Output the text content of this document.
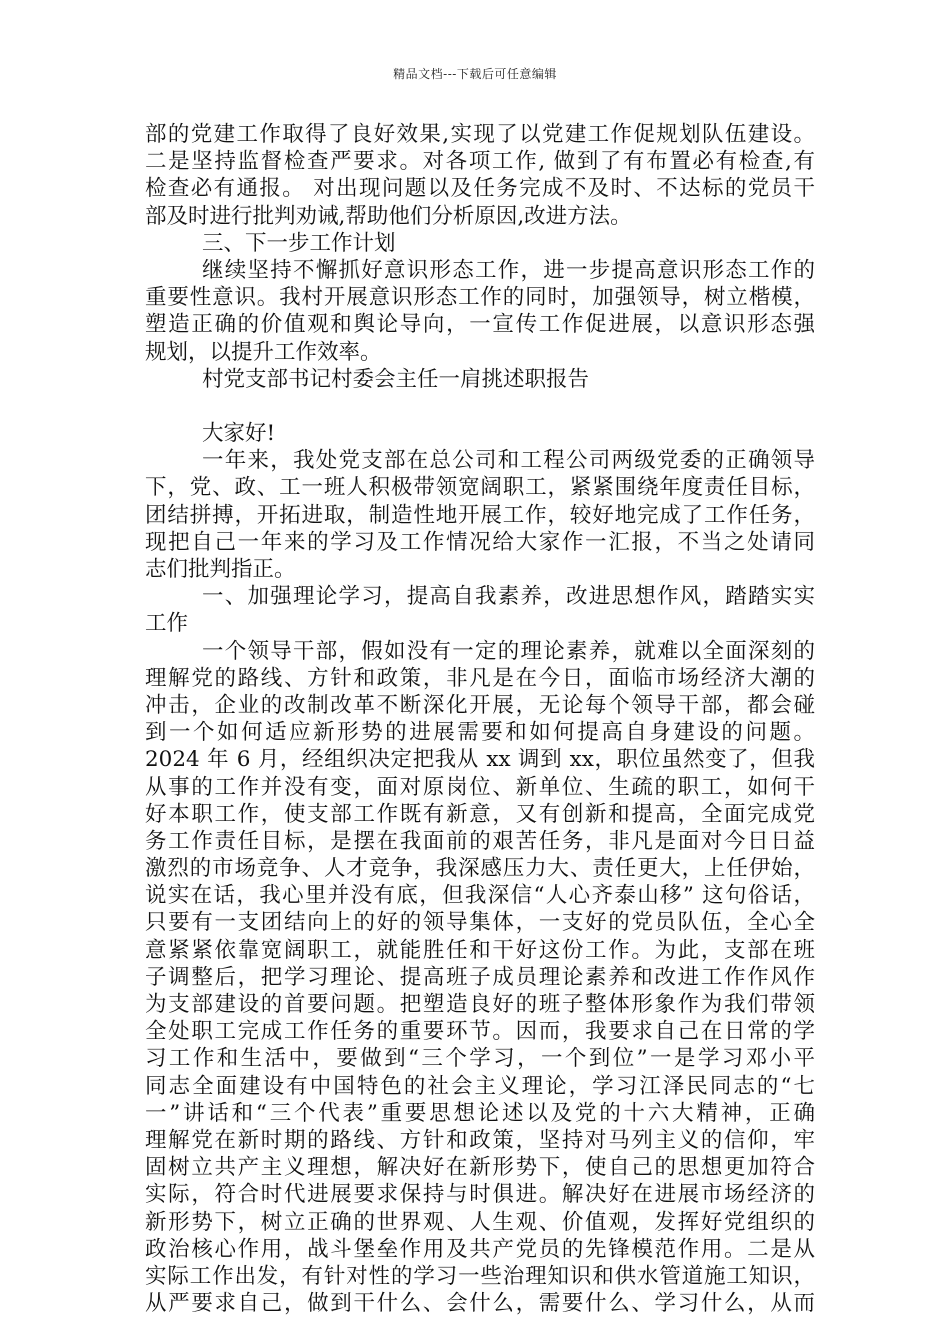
精品文档---下载后可任意编辑
部的党建工作取得了良好效果,实现了以党建工作促规划队伍建设。
二是坚持监督检查严要求。对各项工作, 做到了有布置必有检查,有
检查必有通报。 对出现问题以及任务完成不及时、不达标的党员干
部及时进行批判劝诫,帮助他们分析原因,改进方法。
三、下一步工作计划
继续坚持不懈抓好意识形态工作，进一步提高意识形态工作的
重要性意识。我村开展意识形态工作的同时，加强领导，树立楷模，
塑造正确的价值观和舆论导向，一宣传工作促进展，以意识形态强
规划，以提升工作效率。
村党支部书记村委会主任一肩挑述职报告
大家好!
一年来，我处党支部在总公司和工程公司两级党委的正确领导
下，党、政、工一班人积极带领宽阔职工，紧紧围绕年度责任目标，
团结拼搏，开拓进取，制造性地开展工作，较好地完成了工作任务，
现把自己一年来的学习及工作情况给大家作一汇报，不当之处请同
志们批判指正。
一、加强理论学习，提高自我素养，改进思想作风，踏踏实实
工作
一个领导干部，假如没有一定的理论素养，就难以全面深刻的
理解党的路线、方针和政策，非凡是在今日，面临市场经济大潮的
冲击，企业的改制改革不断深化开展，无论每个领导干部，都会碰
到一个如何适应新形势的进展需要和如何提高自身建设的问题。
2024 年 6 月，经组织决定把我从 xx 调到 xx，职位虽然变了，但我
从事的工作并没有变，面对原岗位、新单位、生疏的职工，如何干
好本职工作，使支部工作既有新意，又有创新和提高，全面完成党
务工作责任目标，是摆在我面前的艰苦任务，非凡是面对今日日益
激烈的市场竞争、人才竞争，我深感压力大、责任更大，上任伊始，
说实在话，我心里并没有底，但我深信“人心齐泰山移” 这句俗话，
只要有一支团结向上的好的领导集体，一支好的党员队伍，全心全
意紧紧依靠宽阔职工，就能胜任和干好这份工作。为此，支部在班
子调整后，把学习理论、提高班子成员理论素养和改进工作作风作
为支部建设的首要问题。把塑造良好的班子整体形象作为我们带领
全处职工完成工作任务的重要环节。因而，我要求自己在日常的学
习工作和生活中，要做到“三个学习，一个到位”一是学习邓小平
同志全面建设有中国特色的社会主义理论，学习江泽民同志的“七
一”讲话和“三个代表”重要思想论述以及党的十六大精神，正确
理解党在新时期的路线、方针和政策，坚持对马列主义的信仰，牢
固树立共产主义理想，解决好在新形势下，使自己的思想更加符合
实际，符合时代进展要求保持与时俱进。解决好在进展市场经济的
新形势下，树立正确的世界观、人生观、价值观，发挥好党组织的
政治核心作用，战斗堡垒作用及共产党员的先锋模范作用。二是从
实际工作出发，有针对性的学习一些治理知识和供水管道施工知识，
从严要求自己，做到干什么、会什么，需要什么、学习什么，从而
